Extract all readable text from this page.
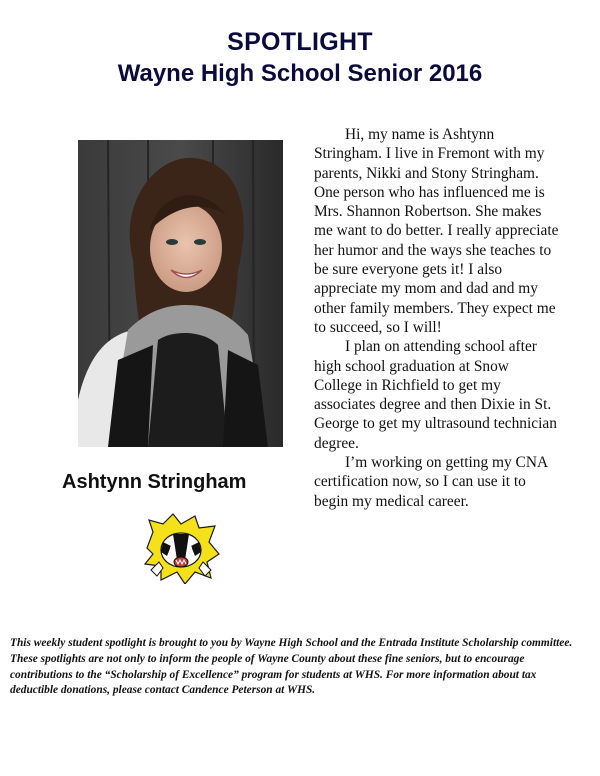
SPOTLIGHT
Wayne High School Senior 2016
Ashtynn Stringham

Hi, my name is Ashtynn Stringham. I live in Fremont with my parents, Nikki and Stony Stringham. One person who has influenced me is Mrs. Shannon Robertson. She makes me want to do better. I really appreciate her humor and the ways she teaches to be sure everyone gets it! I also appreciate my mom and dad and my other family members. They expect me to succeed, so I will!

I plan on attending school after high school graduation at Snow College in Richfield to get my associates degree and then Dixie in St. George to get my ultrasound technician degree.

I’m working on getting my CNA certification now, so I can use it to begin my medical career.

This weekly student spotlight is brought to you by Wayne High School and the Entrada Institute Scholarship committee. These spotlights are not only to inform the people of Wayne County about these fine seniors, but to encourage contributions to the “Scholarship of Excellence” program for students at WHS. For more information about tax deductible donations, please contact Candence Peterson at WHS.
